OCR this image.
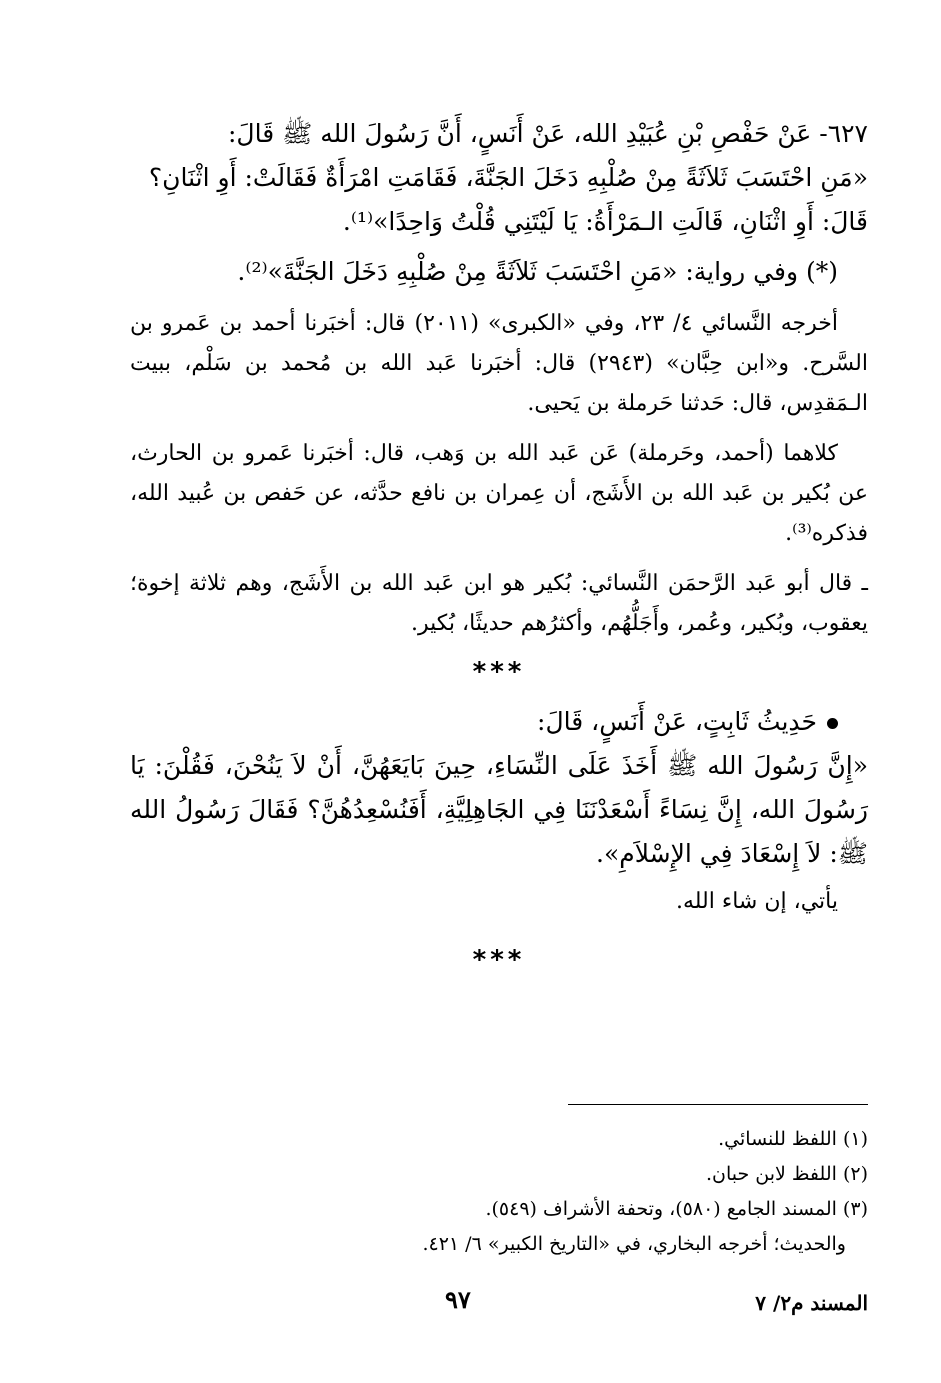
٦٢٧- عَنْ حَفْصِ بْنِ عُبَيْدِ الله، عَنْ أَنَسٍ، أَنَّ رَسُولَ الله ﷺ قَالَ:

«مَنِ احْتَسَبَ ثَلاَثَةً مِنْ صُلْبِهِ دَخَلَ الجَنَّةَ، فَقَامَتِ امْرَأَةٌ فَقَالَتْ: أَوِ اثْنَانِ؟

قَالَ: أَوِ اثْنَانِ، قَالَتِ الـمَرْأَةُ: يَا لَيْتَنِي قُلْتُ وَاحِدًا»⁽¹⁾.

(*) وفي رواية: «مَنِ احْتَسَبَ ثَلاَثَةً مِنْ صُلْبِهِ دَخَلَ الجَنَّةَ»⁽²⁾.

أخرجه النَّسائي ٤/ ٢٣، وفي «الكبرى» (٢٠١١) قال: أخبَرنا أحمد بن عَمرو بن السَّرح. و«ابن حِبَّان» (٢٩٤٣) قال: أخبَرنا عَبد الله بن مُحمد بن سَلْم، ببيت الـمَقدِس، قال: حَدثنا حَرملة بن يَحيى.

كلاهما (أحمد، وحَرملة) عَن عَبد الله بن وَهب، قال: أخبَرنا عَمرو بن الحارث، عن بُكير بن عَبد الله بن الأَشَج، أن عِمران بن نافع حدَّثه، عن حَفص بن عُبيد الله، فذكره⁽³⁾.

ـ قال أبو عَبد الرَّحمَن النَّسائي: بُكير هو ابن عَبد الله بن الأَشَج، وهم ثلاثة إخوة؛ يعقوب، وبُكير، وعُمر، وأَجَلُّهُم، وأكثرُهم حديثًا، بُكير.

***

حَدِيثُ ثَابِتٍ، عَنْ أَنَسٍ، قَالَ:

«إِنَّ رَسُولَ الله ﷺ أَخَذَ عَلَى النِّسَاءِ، حِينَ بَايَعَهُنَّ، أَنْ لاَ يَنُحْنَ، فَقُلْنَ: يَا رَسُولَ الله، إِنَّ نِسَاءً أَسْعَدْنَنَا فِي الجَاهِلِيَّةِ، أَفَنُسْعِدُهُنَّ؟ فَقَالَ رَسُولُ الله ﷺ: لاَ إِسْعَادَ فِي الإِسْلاَمِ».

يأتي، إن شاء الله.

***
(١) اللفظ للنسائي.
(٢) اللفظ لابن حبان.
(٣) المسند الجامع (٥٨٠)، وتحفة الأشراف (٥٤٩).
والحديث؛ أخرجه البخاري، في «التاريخ الكبير» ٦/ ٤٢١.
المسند م٢/ ٧
٩٧
